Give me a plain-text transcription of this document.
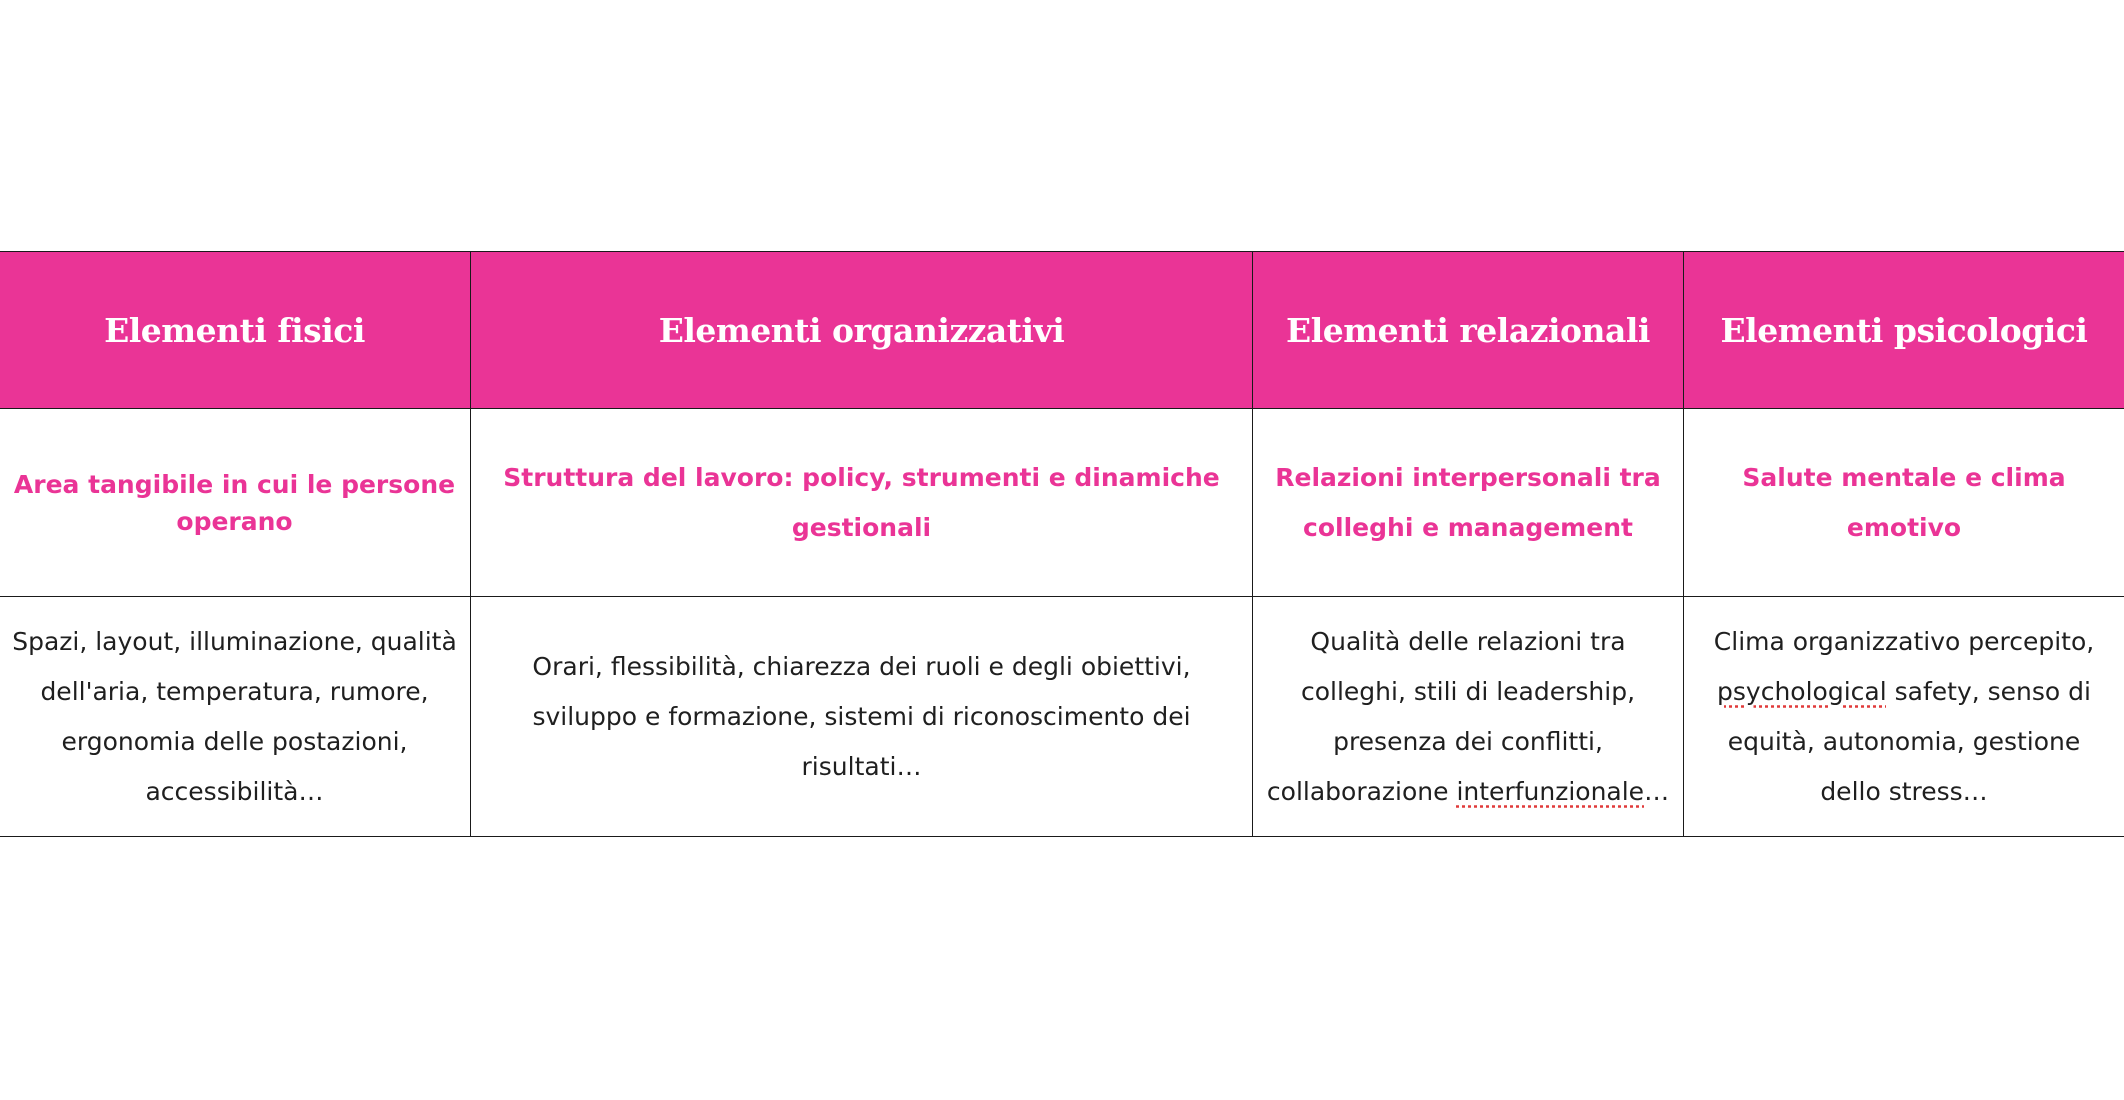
Elementi fisici	Elementi organizzativi	Elementi relazionali	Elementi psicologici
Area tangibile in cui le persone operano	Struttura del lavoro: policy, strumenti e dinamiche gestionali	Relazioni interpersonali tra colleghi e management	Salute mentale e clima emotivo
Spazi, layout, illuminazione, qualità dell'aria, temperatura, rumore, ergonomia delle postazioni, accessibilità…	Orari, flessibilità, chiarezza dei ruoli e degli obiettivi, sviluppo e formazione, sistemi di riconoscimento dei risultati…	Qualità delle relazioni tra colleghi, stili di leadership, presenza dei conflitti, collaborazione interfunzionale…	Clima organizzativo percepito, psychological safety, senso di equità, autonomia, gestione dello stress…
